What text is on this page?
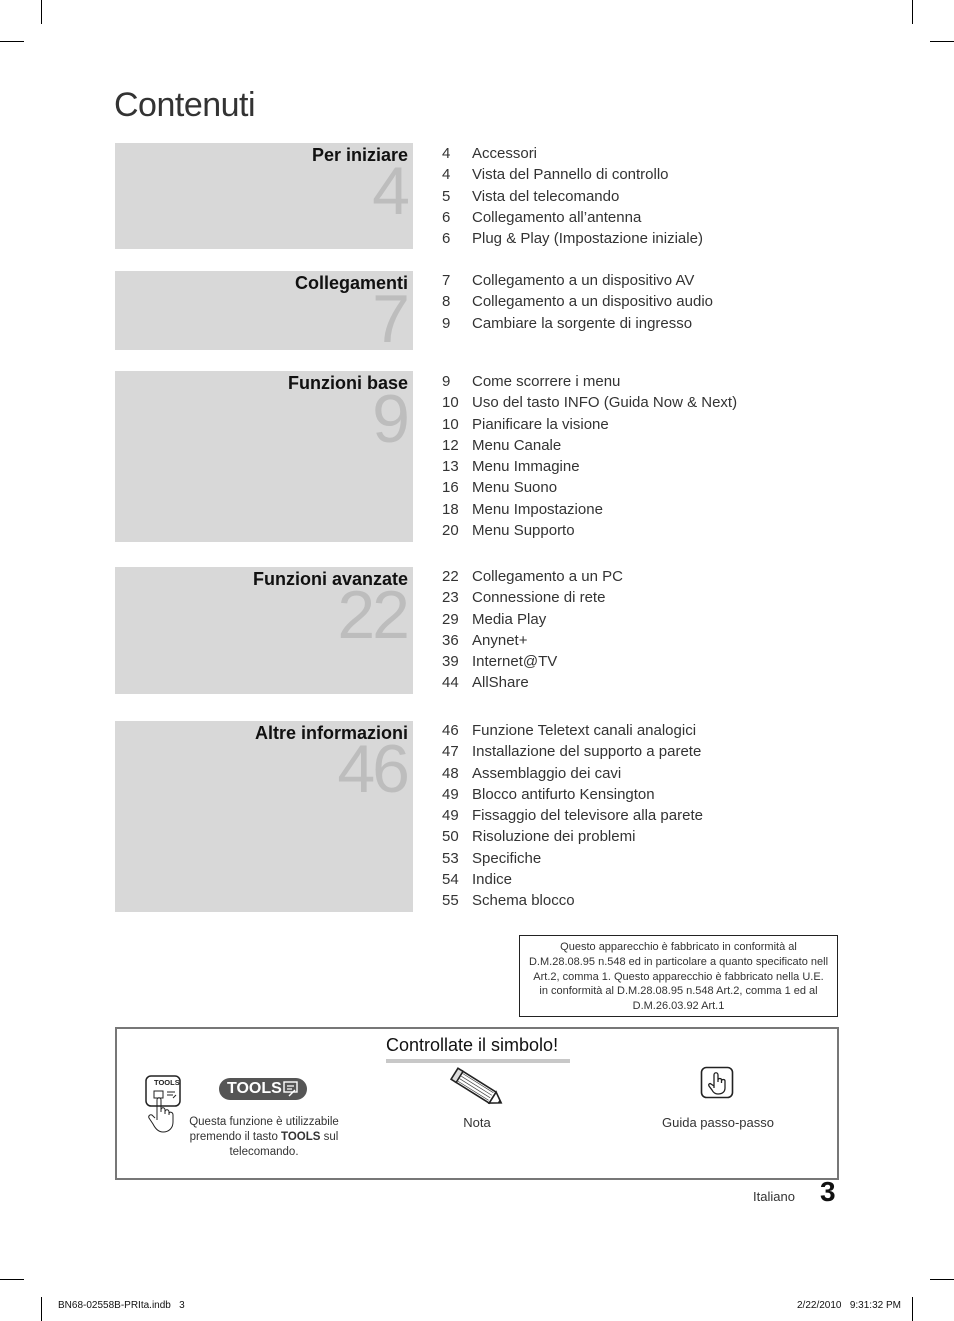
Contenuti
Per iniziare
4 4 Accessori
4 Vista del Pannello di controllo
5 Vista del telecomando
6 Collegamento all’antenna
6 Plug & Play (Impostazione iniziale)
Collegamenti
7
7 Collegamento a un dispositivo AV
8 Collegamento a un dispositivo audio
9 Cambiare la sorgente di ingresso
Funzioni base
9 9 Come scorrere i menu
10 Uso del tasto INFO (Guida Now & Next)
10 Pianificare la visione
12 Menu Canale
13 Menu Immagine
16 Menu Suono
18 Menu Impostazione
20 Menu Supporto
Funzioni avanzate
22
22 Collegamento a un PC
23 Connessione di rete
29 Media Play
36 Anynet+
39 Internet@TV
44 AllShare
Altre informazioni
46
46 Funzione Teletext canali analogici
47 Installazione del supporto a parete
48 Assemblaggio dei cavi
49 Blocco antifurto Kensington
49 Fissaggio del televisore alla parete
50 Risoluzione dei problemi
53 Specifiche
54 Indice
55 Schema blocco
Questo apparecchio è fabbricato in conformità al
D.M.28.08.95 n.548 ed in particolare a quanto specificato nell
Art.2, comma 1. Questo apparecchio è fabbricato nella U.E.
in conformità al D.M.28.08.95 n.548 Art.2, comma 1 ed al
D.M.26.03.92 Art.1
Controllate il simbolo!
TOOLS	TOOLS
Questa funzione è utilizzabile premendo il tasto TOOLS sul telecomando.
Nota	Guida passo-passo
Italiano 3
BN68-02558B-PRIta.indb   3	2/22/2010   9:31:32 PM
